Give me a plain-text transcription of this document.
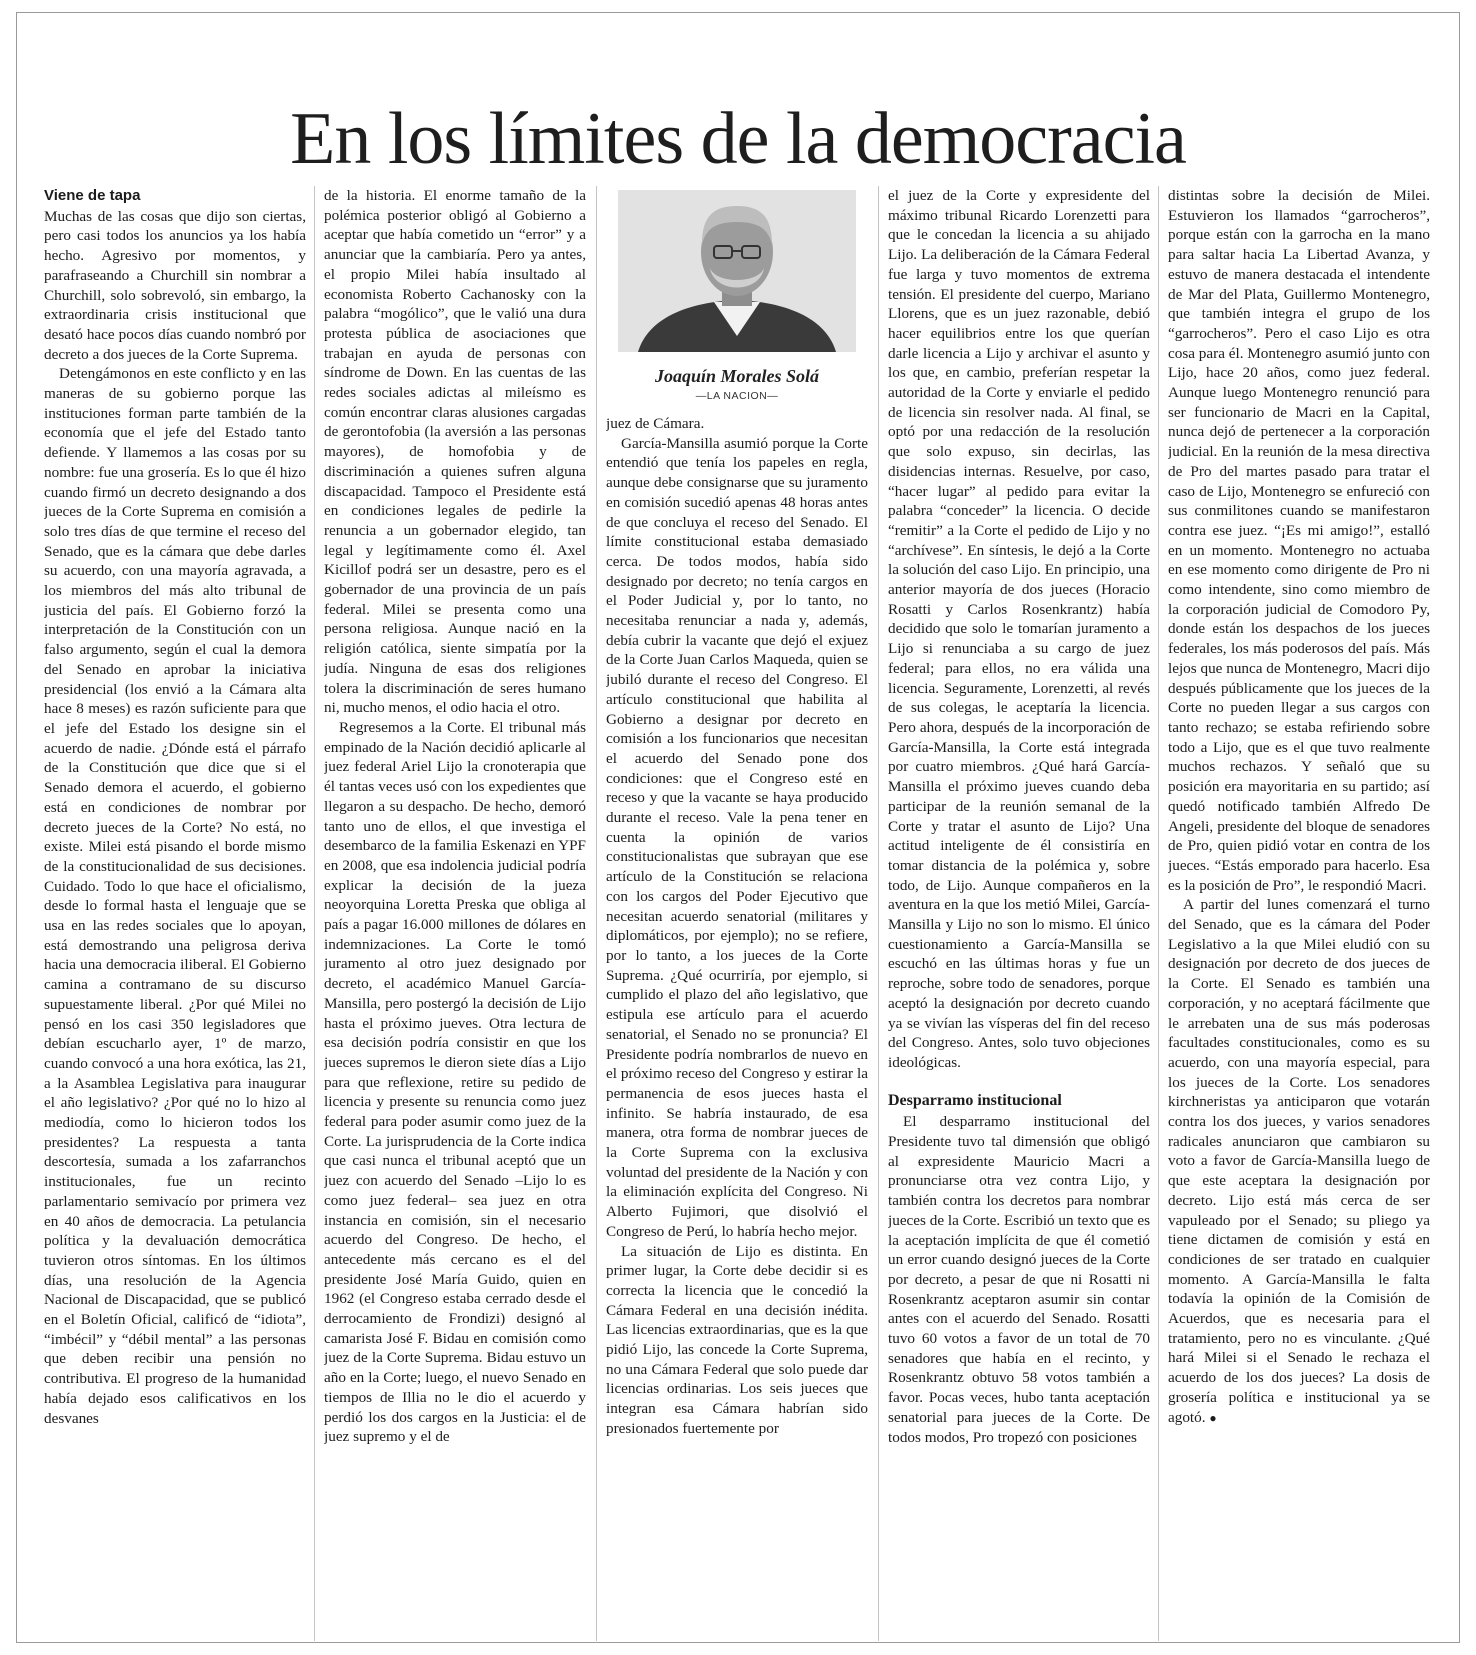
En los límites de la democracia

Viene de tapa

Muchas de las cosas que dijo son ciertas, pero casi todos los anuncios ya los había hecho. Agresivo por momentos, y parafraseando a Churchill sin nombrar a Churchill, solo sobrevoló, sin embargo, la extraordinaria crisis institucional que desató hace pocos días cuando nombró por decreto a dos jueces de la Corte Suprema.

Detengámonos en este conflicto y en las maneras de su gobierno porque las instituciones forman parte también de la economía que el jefe del Estado tanto defiende. Y llamemos a las cosas por su nombre: fue una grosería. Es lo que él hizo cuando firmó un decreto designando a dos jueces de la Corte Suprema en comisión a solo tres días de que termine el receso del Senado, que es la cámara que debe darles su acuerdo, con una mayoría agravada, a los miembros del más alto tribunal de justicia del país. El Gobierno forzó la interpretación de la Constitución con un falso argumento, según el cual la demora del Senado en aprobar la iniciativa presidencial (los envió a la Cámara alta hace 8 meses) es razón suficiente para que el jefe del Estado los designe sin el acuerdo de nadie. ¿Dónde está el párrafo de la Constitución que dice que si el Senado demora el acuerdo, el gobierno está en condiciones de nombrar por decreto jueces de la Corte? No está, no existe. Milei está pisando el borde mismo de la constitucionalidad de sus decisiones. Cuidado. Todo lo que hace el oficialismo, desde lo formal hasta el lenguaje que se usa en las redes sociales que lo apoyan, está demostrando una peligrosa deriva hacia una democracia iliberal. El Gobierno camina a contramano de su discurso supuestamente liberal. ¿Por qué Milei no pensó en los casi 350 legisladores que debían escucharlo ayer, 1º de marzo, cuando convocó a una hora exótica, las 21, a la Asamblea Legislativa para inaugurar el año legislativo? ¿Por qué no lo hizo al mediodía, como lo hicieron todos los presidentes? La respuesta a tanta descortesía, sumada a los zafarranchos institucionales, fue un recinto parlamentario semivacío por primera vez en 40 años de democracia. La petulancia política y la devaluación democrática tuvieron otros síntomas. En los últimos días, una resolución de la Agencia Nacional de Discapacidad, que se publicó en el Boletín Oficial, calificó de “idiota”, “imbécil” y “débil mental” a las personas que deben recibir una pensión no contributiva. El progreso de la humanidad había dejado esos calificativos en los desvanes

de la historia. El enorme tamaño de la polémica posterior obligó al Gobierno a aceptar que había cometido un “error” y a anunciar que la cambiaría. Pero ya antes, el propio Milei había insultado al economista Roberto Cachanosky con la palabra “mogólico”, que le valió una dura protesta pública de asociaciones que trabajan en ayuda de personas con síndrome de Down. En las cuentas de las redes sociales adictas al mileísmo es común encontrar claras alusiones cargadas de gerontofobia (la aversión a las personas mayores), de homofobia y de discriminación a quienes sufren alguna discapacidad. Tampoco el Presidente está en condiciones legales de pedirle la renuncia a un gobernador elegido, tan legal y legítimamente como él. Axel Kicillof podrá ser un desastre, pero es el gobernador de una provincia de un país federal. Milei se presenta como una persona religiosa. Aunque nació en la religión católica, siente simpatía por la judía. Ninguna de esas dos religiones tolera la discriminación de seres humano ni, mucho menos, el odio hacia el otro.

Regresemos a la Corte. El tribunal más empinado de la Nación decidió aplicarle al juez federal Ariel Lijo la cronoterapia que él tantas veces usó con los expedientes que llegaron a su despacho. De hecho, demoró tanto uno de ellos, el que investiga el desembarco de la familia Eskenazi en YPF en 2008, que esa indolencia judicial podría explicar la decisión de la jueza neoyorquina Loretta Preska que obliga al país a pagar 16.000 millones de dólares en indemnizaciones. La Corte le tomó juramento al otro juez designado por decreto, el académico Manuel García-Mansilla, pero postergó la decisión de Lijo hasta el próximo jueves. Otra lectura de esa decisión podría consistir en que los jueces supremos le dieron siete días a Lijo para que reflexione, retire su pedido de licencia y presente su renuncia como juez federal para poder asumir como juez de la Corte. La jurisprudencia de la Corte indica que casi nunca el tribunal aceptó que un juez con acuerdo del Senado –Lijo lo es como juez federal– sea juez en otra instancia en comisión, sin el necesario acuerdo del Congreso. De hecho, el antecedente más cercano es el del presidente José María Guido, quien en 1962 (el Congreso estaba cerrado desde el derrocamiento de Frondizi) designó al camarista José F. Bidau en comisión como juez de la Corte Suprema. Bidau estuvo un año en la Corte; luego, el nuevo Senado en tiempos de Illia no le dio el acuerdo y perdió los dos cargos en la Justicia: el de juez supremo y el de

Joaquín Morales Solá
—LA NACION—

juez de Cámara.

García-Mansilla asumió porque la Corte entendió que tenía los papeles en regla, aunque debe consignarse que su juramento en comisión sucedió apenas 48 horas antes de que concluya el receso del Senado. El límite constitucional estaba demasiado cerca. De todos modos, había sido designado por decreto; no tenía cargos en el Poder Judicial y, por lo tanto, no necesitaba renunciar a nada y, además, debía cubrir la vacante que dejó el exjuez de la Corte Juan Carlos Maqueda, quien se jubiló durante el receso del Congreso. El artículo constitucional que habilita al Gobierno a designar por decreto en comisión a los funcionarios que necesitan el acuerdo del Senado pone dos condiciones: que el Congreso esté en receso y que la vacante se haya producido durante el receso. Vale la pena tener en cuenta la opinión de varios constitucionalistas que subrayan que ese artículo de la Constitución se relaciona con los cargos del Poder Ejecutivo que necesitan acuerdo senatorial (militares y diplomáticos, por ejemplo); no se refiere, por lo tanto, a los jueces de la Corte Suprema. ¿Qué ocurriría, por ejemplo, si cumplido el plazo del año legislativo, que estipula ese artículo para el acuerdo senatorial, el Senado no se pronuncia? El Presidente podría nombrarlos de nuevo en el próximo receso del Congreso y estirar la permanencia de esos jueces hasta el infinito. Se habría instaurado, de esa manera, otra forma de nombrar jueces de la Corte Suprema con la exclusiva voluntad del presidente de la Nación y con la eliminación explícita del Congreso. Ni Alberto Fujimori, que disolvió el Congreso de Perú, lo habría hecho mejor.

La situación de Lijo es distinta. En primer lugar, la Corte debe decidir si es correcta la licencia que le concedió la Cámara Federal en una decisión inédita. Las licencias extraordinarias, que es la que pidió Lijo, las concede la Corte Suprema, no una Cámara Federal que solo puede dar licencias ordinarias. Los seis jueces que integran esa Cámara habrían sido presionados fuertemente por

el juez de la Corte y expresidente del máximo tribunal Ricardo Lorenzetti para que le concedan la licencia a su ahijado Lijo. La deliberación de la Cámara Federal fue larga y tuvo momentos de extrema tensión. El presidente del cuerpo, Mariano Llorens, que es un juez razonable, debió hacer equilibrios entre los que querían darle licencia a Lijo y archivar el asunto y los que, en cambio, preferían respetar la autoridad de la Corte y enviarle el pedido de licencia sin resolver nada. Al final, se optó por una redacción de la resolución que solo expuso, sin decirlas, las disidencias internas. Resuelve, por caso, “hacer lugar” al pedido para evitar la palabra “conceder” la licencia. O decide “remitir” a la Corte el pedido de Lijo y no “archívese”. En síntesis, le dejó a la Corte la solución del caso Lijo. En principio, una anterior mayoría de dos jueces (Horacio Rosatti y Carlos Rosenkrantz) había decidido que solo le tomarían juramento a Lijo si renunciaba a su cargo de juez federal; para ellos, no era válida una licencia. Seguramente, Lorenzetti, al revés de sus colegas, le aceptaría la licencia. Pero ahora, después de la incorporación de García-Mansilla, la Corte está integrada por cuatro miembros. ¿Qué hará García-Mansilla el próximo jueves cuando deba participar de la reunión semanal de la Corte y tratar el asunto de Lijo? Una actitud inteligente de él consistiría en tomar distancia de la polémica y, sobre todo, de Lijo. Aunque compañeros en la aventura en la que los metió Milei, García-Mansilla y Lijo no son lo mismo. El único cuestionamiento a García-Mansilla se escuchó en las últimas horas y fue un reproche, sobre todo de senadores, porque aceptó la designación por decreto cuando ya se vivían las vísperas del fin del receso del Congreso. Antes, solo tuvo objeciones ideológicas.

Desparramo institucional

El desparramo institucional del Presidente tuvo tal dimensión que obligó al expresidente Mauricio Macri a pronunciarse otra vez contra Lijo, y también contra los decretos para nombrar jueces de la Corte. Escribió un texto que es la aceptación implícita de que él cometió un error cuando designó jueces de la Corte por decreto, a pesar de que ni Rosatti ni Rosenkrantz aceptaron asumir sin contar antes con el acuerdo del Senado. Rosatti tuvo 60 votos a favor de un total de 70 senadores que había en el recinto, y Rosenkrantz obtuvo 58 votos también a favor. Pocas veces, hubo tanta aceptación senatorial para jueces de la Corte. De todos modos, Pro tropezó con posiciones

distintas sobre la decisión de Milei. Estuvieron los llamados “garrocheros”, porque están con la garrocha en la mano para saltar hacia La Libertad Avanza, y estuvo de manera destacada el intendente de Mar del Plata, Guillermo Montenegro, que también integra el grupo de los “garrocheros”. Pero el caso Lijo es otra cosa para él. Montenegro asumió junto con Lijo, hace 20 años, como juez federal. Aunque luego Montenegro renunció para ser funcionario de Macri en la Capital, nunca dejó de pertenecer a la corporación judicial. En la reunión de la mesa directiva de Pro del martes pasado para tratar el caso de Lijo, Montenegro se enfureció con sus conmilitones cuando se manifestaron contra ese juez. “¡Es mi amigo!”, estalló en un momento. Montenegro no actuaba en ese momento como dirigente de Pro ni como intendente, sino como miembro de la corporación judicial de Comodoro Py, donde están los despachos de los jueces federales, los más poderosos del país. Más lejos que nunca de Montenegro, Macri dijo después públicamente que los jueces de la Corte no pueden llegar a sus cargos con tanto rechazo; se estaba refiriendo sobre todo a Lijo, que es el que tuvo realmente muchos rechazos. Y señaló que su posición era mayoritaria en su partido; así quedó notificado también Alfredo De Angeli, presidente del bloque de senadores de Pro, quien pidió votar en contra de los jueces. “Estás emporado para hacerlo. Esa es la posición de Pro”, le respondió Macri.

A partir del lunes comenzará el turno del Senado, que es la cámara del Poder Legislativo a la que Milei eludió con su designación por decreto de dos jueces de la Corte. El Senado es también una corporación, y no aceptará fácilmente que le arrebaten una de sus más poderosas facultades constitucionales, como es su acuerdo, con una mayoría especial, para los jueces de la Corte. Los senadores kirchneristas ya anticiparon que votarán contra los dos jueces, y varios senadores radicales anunciaron que cambiaron su voto a favor de García-Mansilla luego de que este aceptara la designación por decreto. Lijo está más cerca de ser vapuleado por el Senado; su pliego ya tiene dictamen de comisión y está en condiciones de ser tratado en cualquier momento. A García-Mansilla le falta todavía la opinión de la Comisión de Acuerdos, que es necesaria para el tratamiento, pero no es vinculante. ¿Qué hará Milei si el Senado le rechaza el acuerdo de los dos jueces? La dosis de grosería política e institucional ya se agotó. ●
